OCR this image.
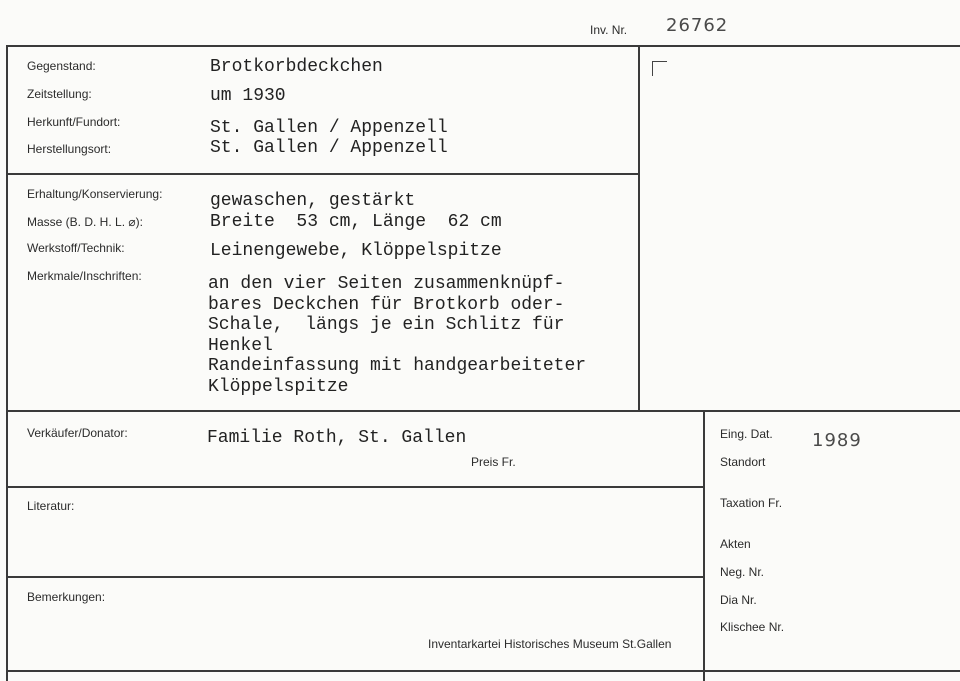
Inv. Nr. 26762
Gegenstand:	Brotkorbdeckchen
Zeitstellung:	um 1930
Herkunft/Fundort:	St. Gallen / Appenzell
Herstellungsort:	St. Gallen / Appenzell
Erhaltung/Konservierung:	gewaschen, gestärkt
Masse (B. D. H. L. ⌀):	Breite  53 cm, Länge  62 cm
Werkstoff/Technik:	Leinengewebe, Klöppelspitze
Merkmale/Inschriften:	an den vier Seiten zusammenknüpf-
bares Deckchen für Brotkorb oder-
Schale,  längs je ein Schlitz für
Henkel
Randeinfassung mit handgearbeiteter
Klöppelspitze
Verkäufer/Donator:	Familie Roth, St. Gallen
Preis Fr.
Literatur:
Bemerkungen:
Inventarkartei Historisches Museum St.Gallen
Eing. Dat. 1989
Standort
Taxation Fr.
Akten
Neg. Nr.
Dia Nr.
Klischee Nr.
